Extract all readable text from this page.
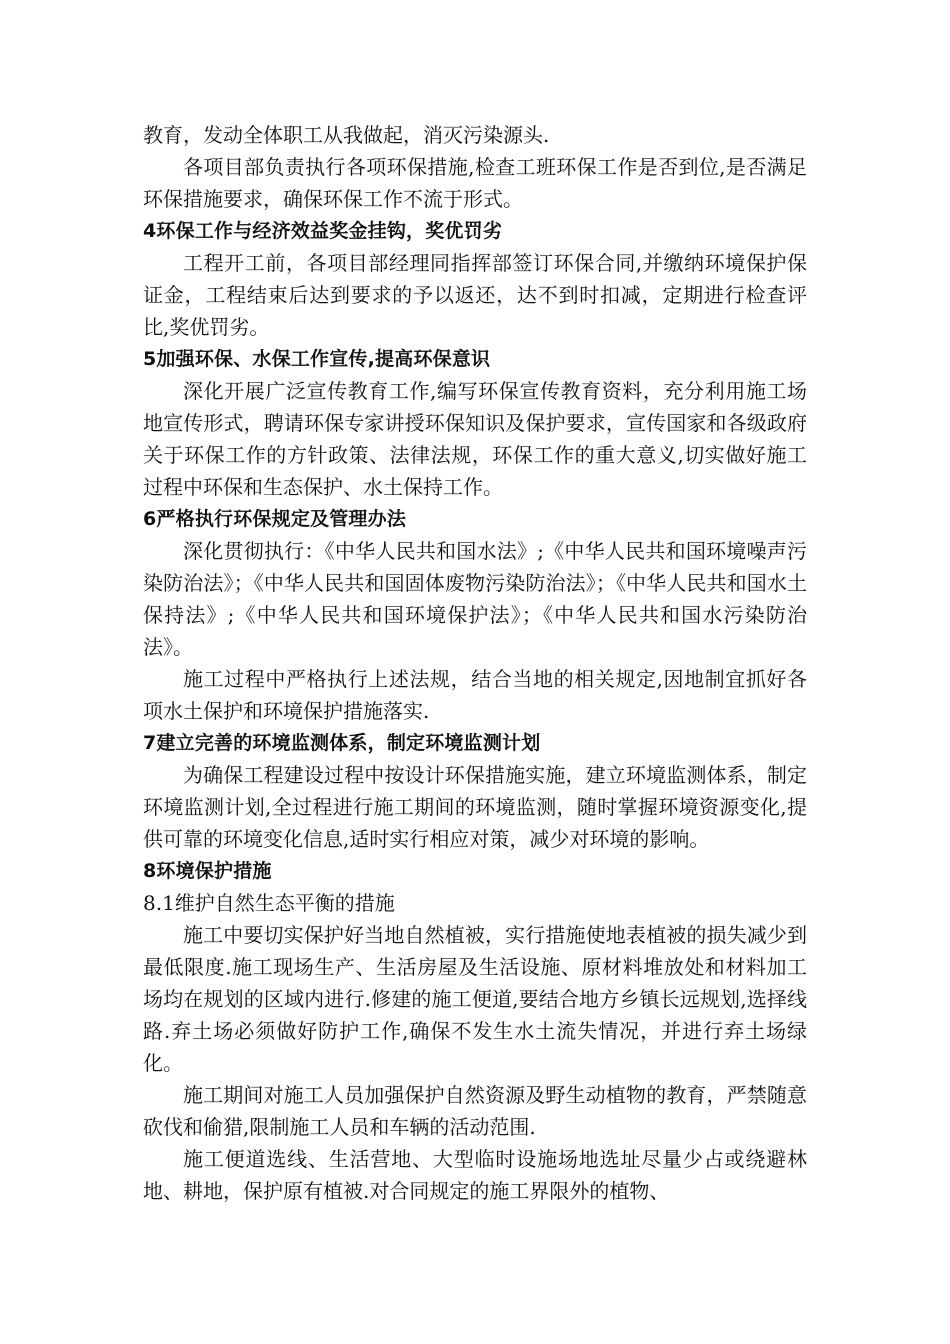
教育，发动全体职工从我做起，消灭污染源头.

各项目部负责执行各项环保措施,检查工班环保工作是否到位,是否满足环保措施要求，确保环保工作不流于形式。

4环保工作与经济效益奖金挂钩，奖优罚劣

工程开工前，各项目部经理同指挥部签订环保合同,并缴纳环境保护保证金，工程结束后达到要求的予以返还，达不到时扣减，定期进行检查评比,奖优罚劣。

5加强环保、水保工作宣传,提高环保意识

深化开展广泛宣传教育工作,编写环保宣传教育资料，充分利用施工场地宣传形式，聘请环保专家讲授环保知识及保护要求，宣传国家和各级政府关于环保工作的方针政策、法律法规，环保工作的重大意义,切实做好施工过程中环保和生态保护、水土保持工作。

6严格执行环保规定及管理办法

深化贯彻执行：《中华人民共和国水法》;《中华人民共和国环境噪声污染防治法》；《中华人民共和国固体废物污染防治法》；《中华人民共和国水土保持法》;《中华人民共和国环境保护法》；《中华人民共和国水污染防治法》。

施工过程中严格执行上述法规，结合当地的相关规定,因地制宜抓好各项水土保护和环境保护措施落实.

7建立完善的环境监测体系，制定环境监测计划

为确保工程建设过程中按设计环保措施实施，建立环境监测体系，制定环境监测计划,全过程进行施工期间的环境监测，随时掌握环境资源变化,提供可靠的环境变化信息,适时实行相应对策，减少对环境的影响。

8环境保护措施

8.1维护自然生态平衡的措施

施工中要切实保护好当地自然植被，实行措施使地表植被的损失减少到最低限度.施工现场生产、生活房屋及生活设施、原材料堆放处和材料加工场均在规划的区域内进行.修建的施工便道,要结合地方乡镇长远规划,选择线路.弃土场必须做好防护工作,确保不发生水土流失情况，并进行弃土场绿化。

施工期间对施工人员加强保护自然资源及野生动植物的教育，严禁随意砍伐和偷猎,限制施工人员和车辆的活动范围.

施工便道选线、生活营地、大型临时设施场地选址尽量少占或绕避林地、耕地，保护原有植被.对合同规定的施工界限外的植物、
